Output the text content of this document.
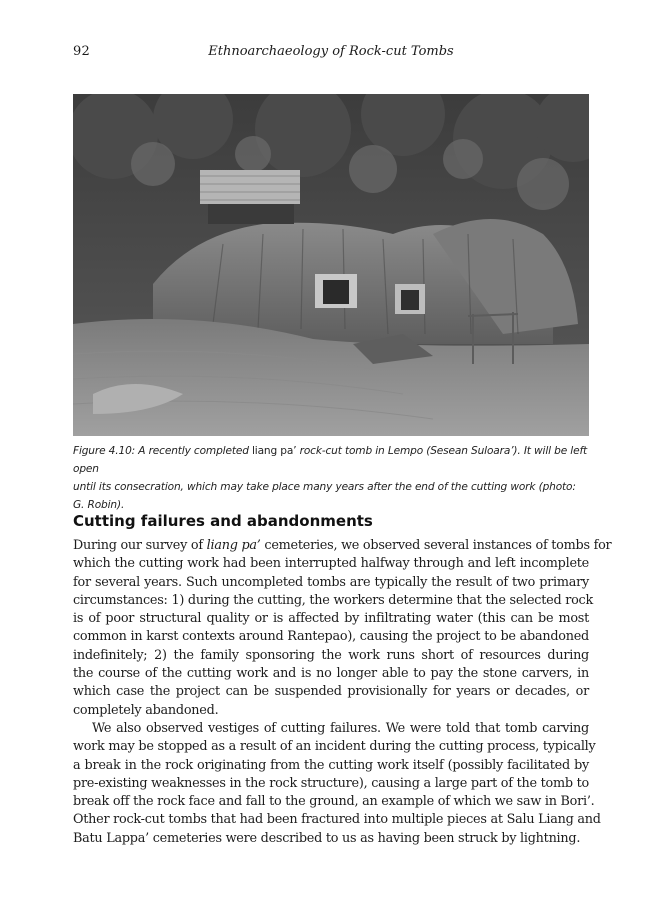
92	Ethnoarchaeology of Rock-cut Tombs
Figure 4.10: A recently completed liang pa’ rock-cut tomb in Lempo (Sesean Suloara’). It will be left open
until its consecration, which may take place many years after the end of the cutting work (photo: G. Robin).
Cutting failures and abandonments
During our survey of liang pa’ cemeteries, we observed several instances of tombs for
which the cutting work had been interrupted halfway through and left incomplete
for several years. Such uncompleted tombs are typically the result of two primary
circumstances: 1) during the cutting, the workers determine that the selected rock
is of poor structural quality or is affected by infiltrating water (this can be most
common in karst contexts around Rantepao), causing the project to be abandoned
indefinitely; 2) the family sponsoring the work runs short of resources during
the course of the cutting work and is no longer able to pay the stone carvers, in
which case the project can be suspended provisionally for years or decades, or
completely abandoned.
We also observed vestiges of cutting failures. We were told that tomb carving
work may be stopped as a result of an incident during the cutting process, typically
a break in the rock originating from the cutting work itself (possibly facilitated by
pre-existing weaknesses in the rock structure), causing a large part of the tomb to
break off the rock face and fall to the ground, an example of which we saw in Bori’.
Other rock-cut tombs that had been fractured into multiple pieces at Salu Liang and
Batu Lappa’ cemeteries were described to us as having been struck by lightning.
